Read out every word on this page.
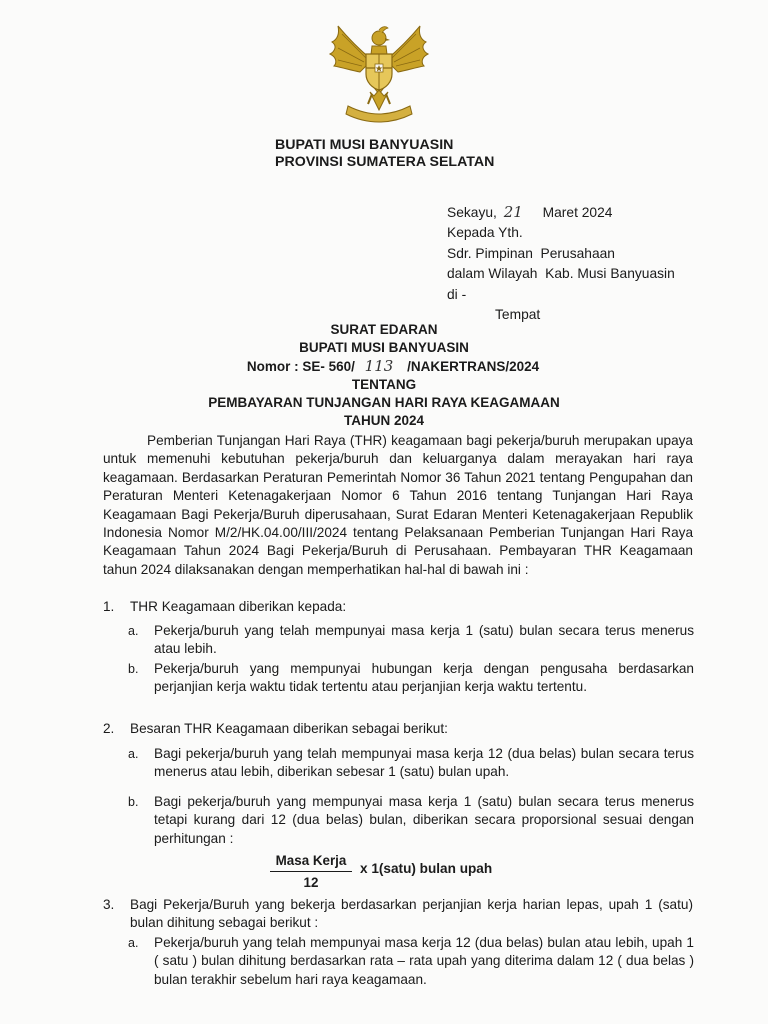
BUPATI MUSI BANYUASIN
PROVINSI SUMATERA SELATAN
Sekayu, 21 Maret 2024
Kepada Yth.
Sdr. Pimpinan  Perusahaan
dalam Wilayah  Kab. Musi Banyuasin
di -
Tempat
SURAT EDARAN
BUPATI MUSI BANYUASIN
Nomor : SE- 560/ 113 /NAKERTRANS/2024
TENTANG
PEMBAYARAN TUNJANGAN HARI RAYA KEAGAMAAN
TAHUN 2024
Pemberian Tunjangan Hari Raya (THR) keagamaan bagi pekerja/buruh merupakan upaya untuk memenuhi kebutuhan pekerja/buruh dan keluarganya dalam merayakan hari raya keagamaan. Berdasarkan Peraturan Pemerintah Nomor 36 Tahun 2021 tentang Pengupahan dan Peraturan Menteri Ketenagakerjaan Nomor 6 Tahun 2016 tentang Tunjangan Hari Raya Keagamaan Bagi Pekerja/Buruh diperusahaan, Surat Edaran Menteri Ketenagakerjaan Republik Indonesia Nomor M/2/HK.04.00/III/2024 tentang Pelaksanaan Pemberian Tunjangan Hari Raya Keagamaan Tahun 2024 Bagi Pekerja/Buruh di Perusahaan. Pembayaran THR Keagamaan tahun 2024 dilaksanakan dengan memperhatikan hal-hal di bawah ini :
1. THR Keagamaan diberikan kepada:
a. Pekerja/buruh yang telah mempunyai masa kerja 1 (satu) bulan secara terus menerus atau lebih.
b. Pekerja/buruh yang mempunyai hubungan kerja dengan pengusaha berdasarkan perjanjian kerja waktu tidak tertentu atau perjanjian kerja waktu tertentu.
2. Besaran THR Keagamaan diberikan sebagai berikut:
a. Bagi pekerja/buruh yang telah mempunyai masa kerja 12 (dua belas) bulan secara terus menerus atau lebih, diberikan sebesar 1 (satu) bulan upah.
b. Bagi pekerja/buruh yang mempunyai masa kerja 1 (satu) bulan secara terus menerus tetapi kurang dari 12 (dua belas) bulan, diberikan secara proporsional sesuai dengan perhitungan :
Masa Kerja
12
x 1(satu) bulan upah
3. Bagi Pekerja/Buruh yang bekerja berdasarkan perjanjian kerja harian lepas, upah 1 (satu) bulan dihitung sebagai berikut :
a. Pekerja/buruh yang telah mempunyai masa kerja 12 (dua belas) bulan atau lebih, upah 1 ( satu ) bulan dihitung berdasarkan rata – rata upah yang diterima dalam 12 ( dua belas ) bulan terakhir sebelum hari raya keagamaan.
